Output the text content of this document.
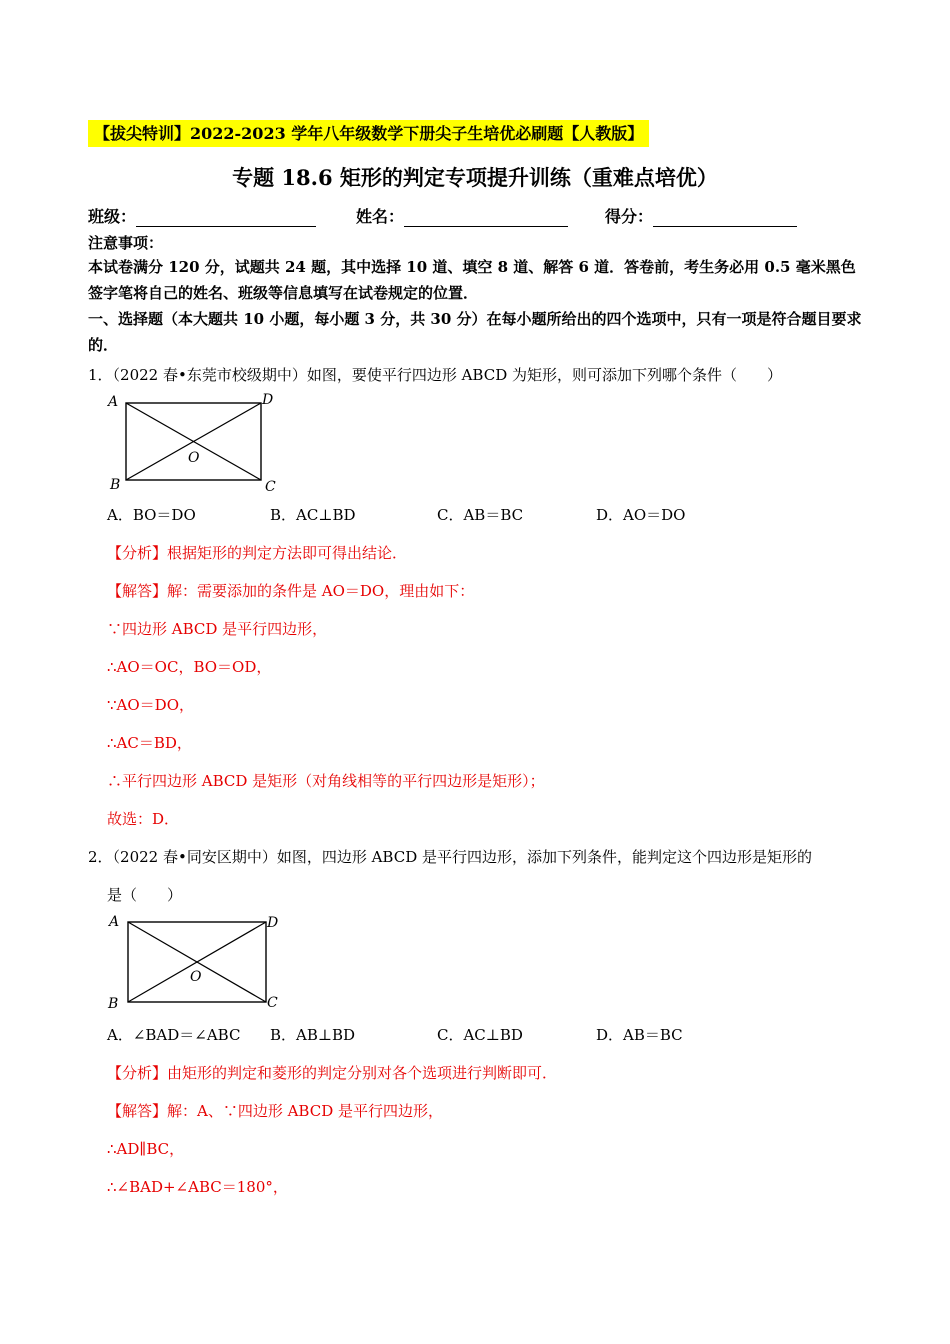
【拔尖特训】2022-2023 学年八年级数学下册尖子生培优必刷题【人教版】
专题 18.6 矩形的判定专项提升训练（重难点培优）
班级：	姓名：	得分：
注意事项：
本试卷满分 120 分，试题共 24 题，其中选择 10 道、填空 8 道、解答 6 道．答卷前，考生务必用 0.5 毫米黑色签字笔将自己的姓名、班级等信息填写在试卷规定的位置．
一、选择题（本大题共 10 小题，每小题 3 分，共 30 分）在每小题所给出的四个选项中，只有一项是符合题目要求的．
1．（2022 春•东莞市校级期中）如图，要使平行四边形 ABCD 为矩形，则可添加下列哪个条件（　　）
A	D
B	C
O
A．BO＝DO	B．AC⊥BD	C．AB＝BC	D．AO＝DO
【分析】根据矩形的判定方法即可得出结论．
【解答】解：需要添加的条件是 AO＝DO，理由如下：
∵四边形 ABCD 是平行四边形，
∴AO＝OC，BO＝OD，
∵AO＝DO，
∴AC＝BD，
∴平行四边形 ABCD 是矩形（对角线相等的平行四边形是矩形）；
故选：D．
2．（2022 春•同安区期中）如图，四边形 ABCD 是平行四边形，添加下列条件，能判定这个四边形是矩形的
是（　　）
A	D
B	C
O
A．∠BAD＝∠ABC B．AB⊥BD	C．AC⊥BD	D．AB＝BC
【分析】由矩形的判定和菱形的判定分别对各个选项进行判断即可．
【解答】解：A、∵四边形 ABCD 是平行四边形，
∴AD∥BC，
∴∠BAD+∠ABC＝180°，
